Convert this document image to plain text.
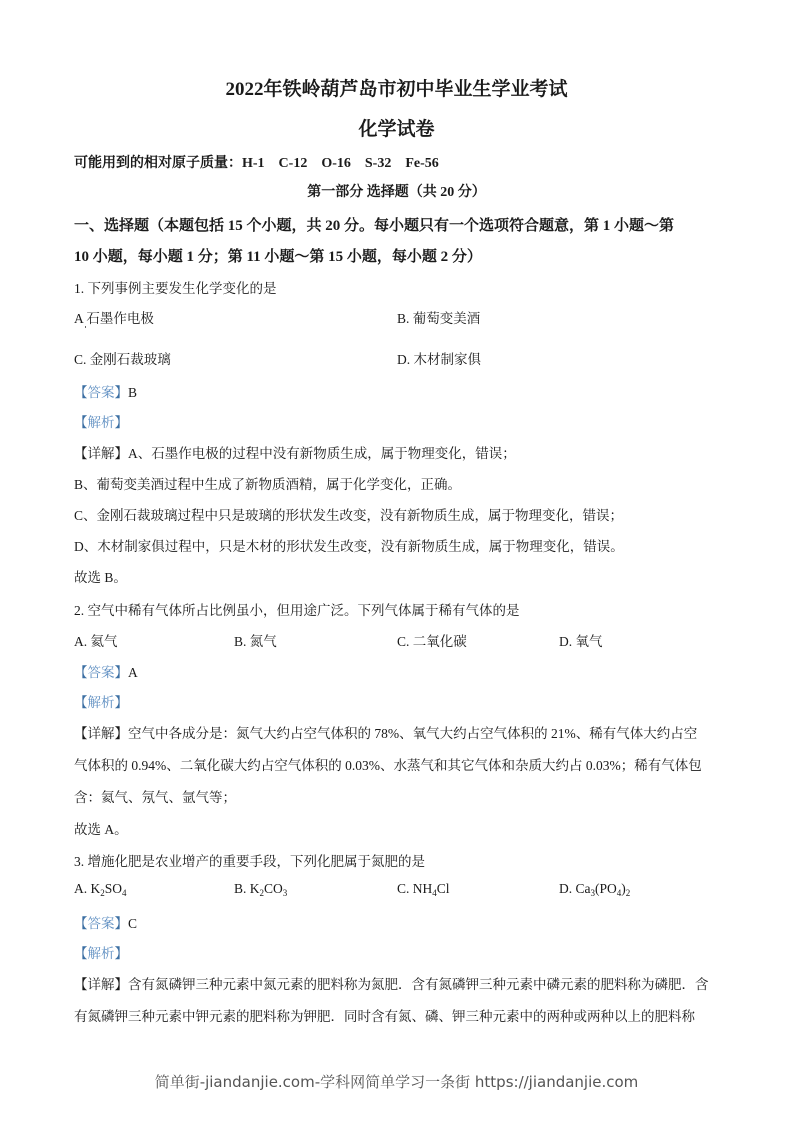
2022年铁岭葫芦岛市初中毕业生学业考试
化学试卷
可能用到的相对原子质量：H-1　C-12　O-16　S-32　Fe-56
第一部分 选择题（共 20 分）
一、选择题（本题包括 15 个小题，共 20 分。每小题只有一个选项符合题意，第 1 小题～第
10 小题，每小题 1 分；第 11 小题～第 15 小题，每小题 2 分）
1. 下列事例主要发生化学变化的是
A 石墨作电极	B. 葡萄变美酒
C. 金刚石裁玻璃	D. 木材制家俱
【答案】B
【解析】
【详解】A、石墨作电极的过程中没有新物质生成，属于物理变化，错误；
B、葡萄变美酒过程中生成了新物质酒精，属于化学变化，正确。
C、金刚石裁玻璃过程中只是玻璃的形状发生改变，没有新物质生成，属于物理变化，错误；
D、木材制家俱过程中，只是木材的形状发生改变，没有新物质生成，属于物理变化，错误。
故选 B。
2. 空气中稀有气体所占比例虽小，但用途广泛。下列气体属于稀有气体的是
A. 氦气	B. 氮气	C. 二氧化碳	D. 氧气
【答案】A
【解析】
【详解】空气中各成分是：氮气大约占空气体积的 78%、氧气大约占空气体积的 21%、稀有气体大约占空
气体积的 0.94%、二氧化碳大约占空气体积的 0.03%、水蒸气和其它气体和杂质大约占 0.03%；稀有气体包
含：氦气、氖气、氩气等；
故选 A。
3. 增施化肥是农业增产的重要手段，下列化肥属于氮肥的是
A. $K_2SO_4$	B. $K_2CO_3$	C. $NH_4Cl$	D. $Ca_3(PO_4)_2$
【答案】C
【解析】
【详解】含有氮磷钾三种元素中氮元素的肥料称为氮肥．含有氮磷钾三种元素中磷元素的肥料称为磷肥．含
有氮磷钾三种元素中钾元素的肥料称为钾肥．同时含有氮、磷、钾三种元素中的两种或两种以上的肥料称
简单街-jiandanjie.com-学科网简单学习一条街 https://jiandanjie.com
